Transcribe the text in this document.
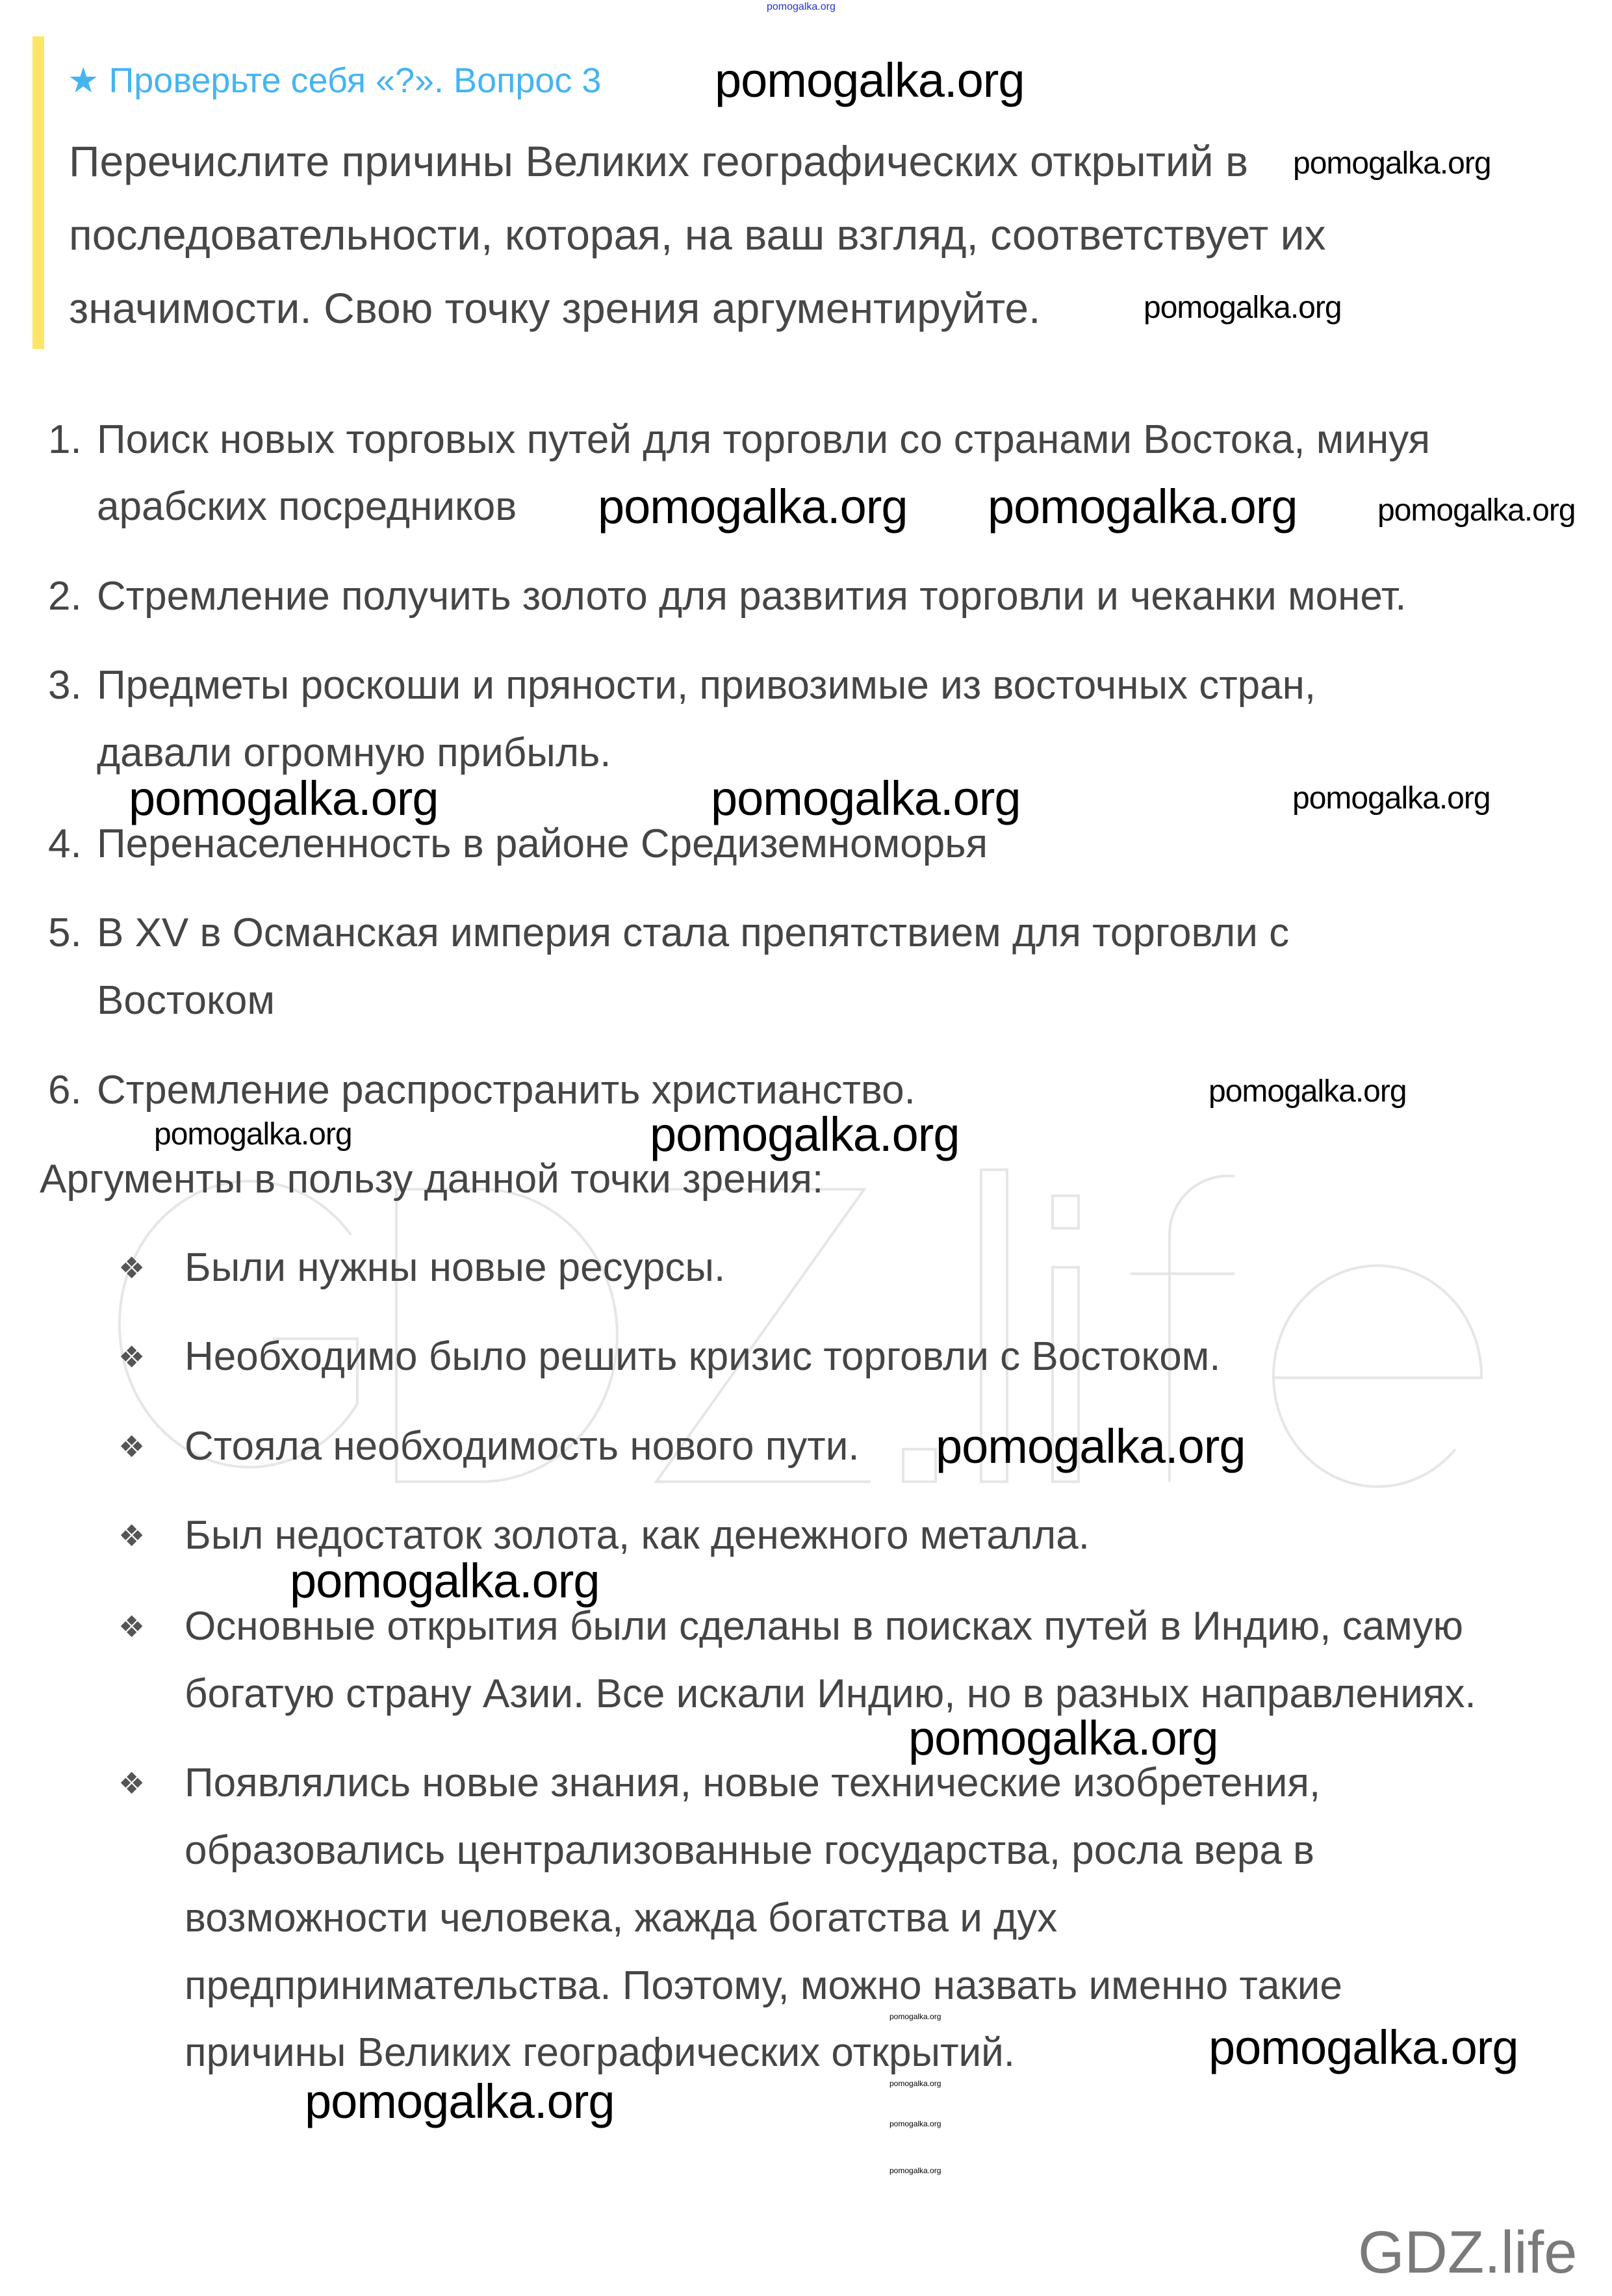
pomogalka.org
★ Проверьте себя «?». Вопрос 3
Перечислите причины Великих географических открытий в
последовательности, которая, на ваш взгляд, соответствует их
значимости. Свою точку зрения аргументируйте.
1. Поиск новых торговых путей для торговли со странами Востока, минуя
арабских посредников
2. Стремление получить золото для развития торговли и чеканки монет.
3. Предметы роскоши и пряности, привозимые из восточных стран,
давали огромную прибыль.
4. Перенаселенность в районе Средиземноморья
5. В XV в Османская империя стала препятствием для торговли с
Востоком
6. Стремление распространить христианство.
Аргументы в пользу данной точки зрения:
❖ Были нужны новые ресурсы.
❖ Необходимо было решить кризис торговли с Востоком.
❖ Стояла необходимость нового пути.
❖ Был недостаток золота, как денежного металла.
❖ Основные открытия были сделаны в поисках путей в Индию, самую
богатую страну Азии. Все искали Индию, но в разных направлениях.
❖ Появлялись новые знания, новые технические изобретения,
образовались централизованные государства, росла вера в
возможности человека, жажда богатства и дух
предпринимательства. Поэтому, можно назвать именно такие
причины Великих географических открытий.
pomogalka.org
pomogalka.org
pomogalka.org
pomogalka.org
pomogalka.org pomogalka.org
pomogalka.org	pomogalka.org	pomogalka.org
pomogalka.org
pomogalka.org	pomogalka.org
pomogalka.org
pomogalka.org
pomogalka.org
pomogalka.org
pomogalka.org
pomogalka.org
pomogalka.org
pomogalka.org
pomogalka.org
GDZ.life
